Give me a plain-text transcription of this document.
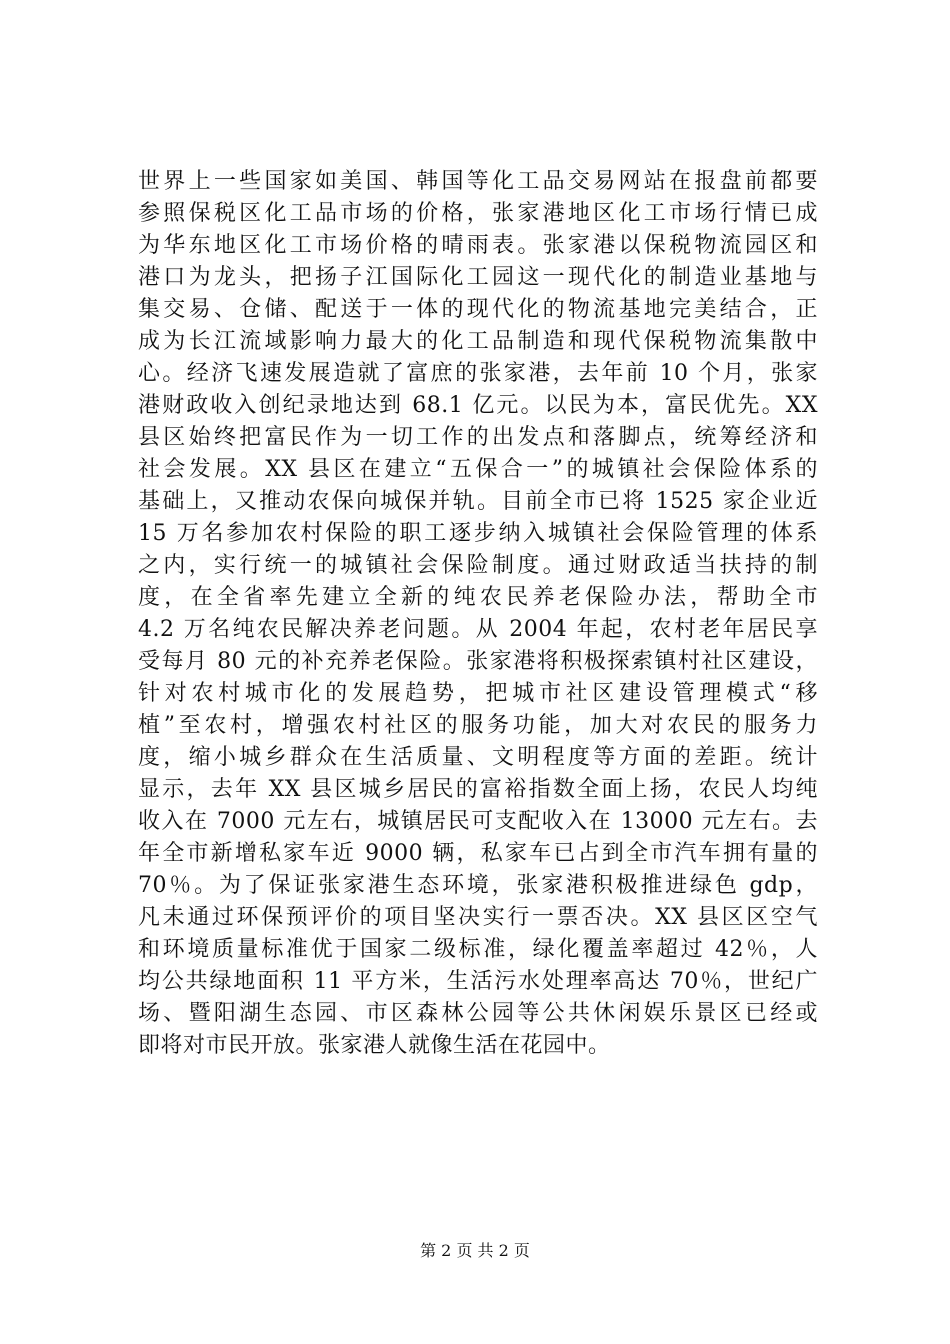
世界上一些国家如美国、韩国等化工品交易网站在报盘前都要
参照保税区化工品市场的价格，张家港地区化工市场行情已成
为华东地区化工市场价格的晴雨表。张家港以保税物流园区和
港口为龙头，把扬子江国际化工园这一现代化的制造业基地与
集交易、仓储、配送于一体的现代化的物流基地完美结合，正
成为长江流域影响力最大的化工品制造和现代保税物流集散中
心。经济飞速发展造就了富庶的张家港，去年前 10 个月，张家
港财政收入创纪录地达到 68.1 亿元。以民为本，富民优先。XX
县区始终把富民作为一切工作的出发点和落脚点，统筹经济和
社会发展。XX 县区在建立“五保合一”的城镇社会保险体系的
基础上，又推动农保向城保并轨。目前全市已将 1525 家企业近
15 万名参加农村保险的职工逐步纳入城镇社会保险管理的体系
之内，实行统一的城镇社会保险制度。通过财政适当扶持的制
度，在全省率先建立全新的纯农民养老保险办法，帮助全市
4.2 万名纯农民解决养老问题。从 2004 年起，农村老年居民享
受每月 80 元的补充养老保险。张家港将积极探索镇村社区建设，
针对农村城市化的发展趋势，把城市社区建设管理模式“移
植”至农村，增强农村社区的服务功能，加大对农民的服务力
度，缩小城乡群众在生活质量、文明程度等方面的差距。统计
显示，去年 XX 县区城乡居民的富裕指数全面上扬，农民人均纯
收入在 7000 元左右，城镇居民可支配收入在 13000 元左右。去
年全市新增私家车近 9000 辆，私家车已占到全市汽车拥有量的
70％。为了保证张家港生态环境，张家港积极推进绿色 gdp，
凡未通过环保预评价的项目坚决实行一票否决。XX 县区区空气
和环境质量标准优于国家二级标准，绿化覆盖率超过 42％，人
均公共绿地面积 11 平方米，生活污水处理率高达 70％，世纪广
场、暨阳湖生态园、市区森林公园等公共休闲娱乐景区已经或
即将对市民开放。张家港人就像生活在花园中。
第 2 页 共 2 页
